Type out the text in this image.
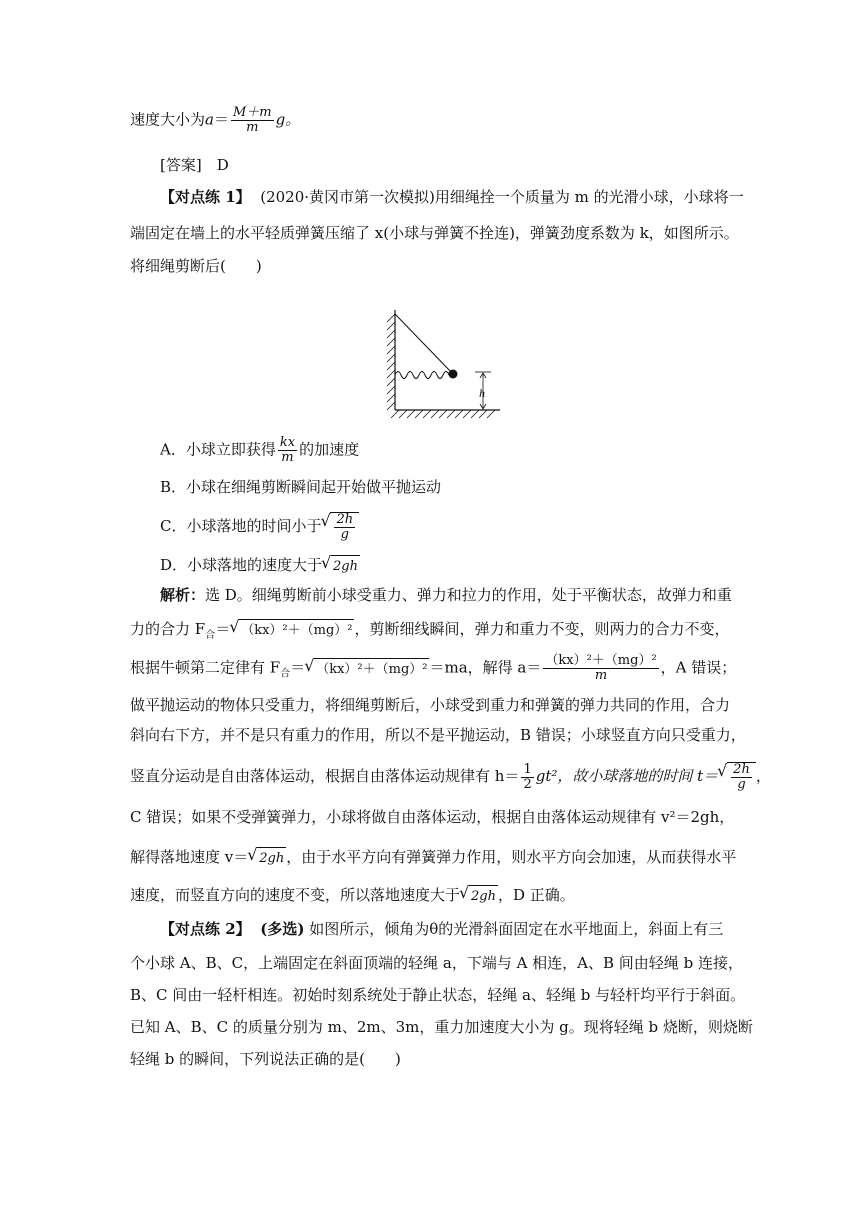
速度大小为$a= \frac{M+m}{m}$ g。
[答案]　D
【对点练 1】 (2020·黄冈市第一次模拟)用细绳拴一个质量为 m 的光滑小球，小球将一
端固定在墙上的水平轻质弹簧压缩了 x(小球与弹簧不拴连)，弹簧劲度系数为 k，如图所示。
将细绳剪断后(　　)
h
A．小球立即获得 $\frac{kx}{m}$ 的加速度
B．小球在细绳剪断瞬间起开始做平抛运动
C．小球落地的时间小于
√ $\frac{2h}{g}$
D．小球落地的速度大于√ 2gh
解析：选 D。细绳剪断前小球受重力、弹力和拉力的作用，处于平衡状态，故弹力和重
力的合力 $F_合=√$ （kx）²＋（mg）² ，剪断细线瞬间，弹力和重力不变，则两力的合力不变，
根据牛顿第二定律有 $F_合=√$ （kx）²＋（mg）² ＝ma，解得 $a= \frac{\text{（kx）²＋（mg）²}}{m}$ ，A 错误；
做平抛运动的物体只受重力，将细绳剪断后，小球受到重力和弹簧的弹力共同的作用，合力
斜向右下方，并不是只有重力的作用，所以不是平抛运动，B 错误；小球竖直方向只受重力，
竖直分运动是自由落体运动，根据自由落体运动规律有 $h= \frac{1}{2} gt^2$，故小球落地的时间 t＝
√ $\frac{2h}{g}$ ，
C 错误；如果不受弹簧弹力，小球将做自由落体运动，根据自由落体运动规律有 v²＝2gh，
解得落地速度 v＝√ 2gh ，由于水平方向有弹簧弹力作用，则水平方向会加速，从而获得水平
速度，而竖直方向的速度不变，所以落地速度大于√ 2gh ，D 正确。
【对点练 2】 (多选) 如图所示，倾角为θ的光滑斜面固定在水平地面上，斜面上有三
个小球 A、B、C，上端固定在斜面顶端的轻绳 a，下端与 A 相连，A、B 间由轻绳 b 连接，
B、C 间由一轻杆相连。初始时刻系统处于静止状态，轻绳 a、轻绳 b 与轻杆均平行于斜面。
已知 A、B、C 的质量分别为 m、2m、3m，重力加速度大小为 g。现将轻绳 b 烧断，则烧断
轻绳 b 的瞬间，下列说法正确的是(　　)
